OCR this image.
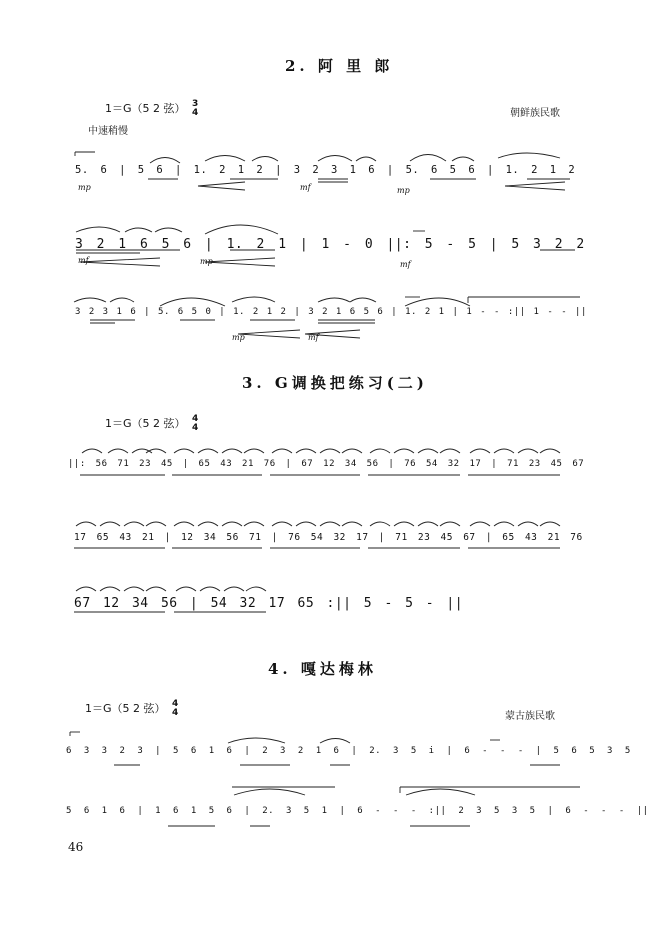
2. 阿 里 郎
1＝G（5 2 弦） 3
4	朝鲜族民歌
中速稍慢
5. 6 | 5 6 | 1. 2 1 2 | 3 2 3 1 6 | 5. 6 5 6 | 1. 2 1 2
3 2 1 6 5 6 | 1. 2 1 | 1 - 0 ||: 5 - 5 | 5 3 2 2
3 2 3 1 6 | 5. 6 5 0 | 1. 2 1 2 | 3 2 1 6 5 6 | 1. 2 1 | 1 - - :|| 1 - - ||
mp	mf	mp
mf	mp	mf
mp	mf
3. G调换把练习(二)
1＝G（5 2 弦） 4
4
||: 56 71 23 45 | 65 43 21 76 | 67 12 34 56 | 76 54 32 17 | 71 23 45 67
17 65 43 21 | 12 34 56 71 | 76 54 32 17 | 71 23 45 67 | 65 43 21 76
67 12 34 56 | 54 32 17 65 :|| 5 - 5 - ||
4. 嘎达梅林
1＝G（5 2 弦） 4
4	蒙古族民歌
6 3 3 2 3 | 5 6 1 6 | 2 3 2 1 6 | 2. 3 5 i | 6 - - - | 5 6 5 3 5
5 6 1 6 | 1 6 1 5 6 | 2. 3 5 1 | 6 - - - :|| 2 3 5 3 5 | 6 - - - ||
46
